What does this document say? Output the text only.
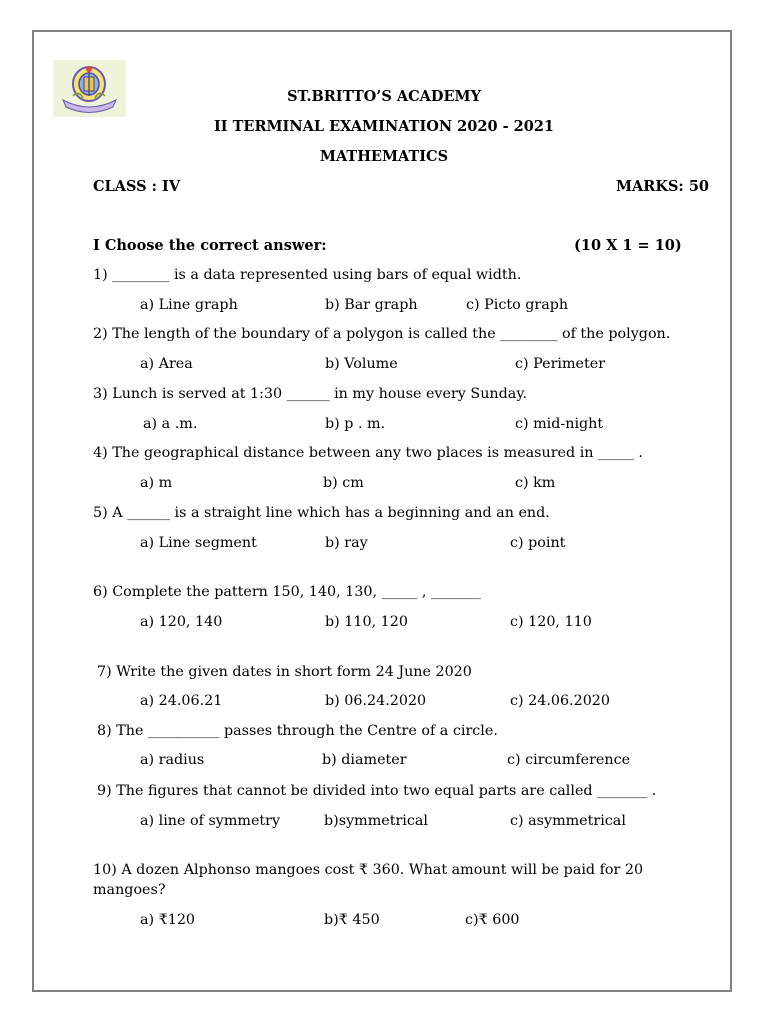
ST.BRITTO’S ACADEMY
II TERMINAL EXAMINATION 2020 - 2021
MATHEMATICS
CLASS : IV	MARKS: 50
I Choose the correct answer:	(10 X 1 = 10)
1) ________ is a data represented using bars of equal width.
a) Line graph	b) Bar graph	c) Picto graph
2) The length of the boundary of a polygon is called the ________ of the polygon.
a) Area	b) Volume	c) Perimeter
3) Lunch is served at 1:30 ______ in my house every Sunday.
a) a .m.	b) p . m.	c) mid-night
4) The geographical distance between any two places is measured in _____ .
a) m	b) cm	c) km
5) A ______ is a straight line which has a beginning and an end.
a) Line segment	b) ray	c) point
6) Complete the pattern 150, 140, 130, _____ , _______
a) 120, 140	b) 110, 120	c) 120, 110
7) Write the given dates in short form 24 June 2020
a) 24.06.21	b) 06.24.2020	c) 24.06.2020
8) The __________ passes through the Centre of a circle.
a) radius	b) diameter	c) circumference
9) The figures that cannot be divided into two equal parts are called _______ .
a) line of symmetry	b)symmetrical	c) asymmetrical
10) A dozen Alphonso mangoes cost ₹ 360. What amount will be paid for 20
mangoes?
a) ₹120	b)₹ 450	c)₹ 600
